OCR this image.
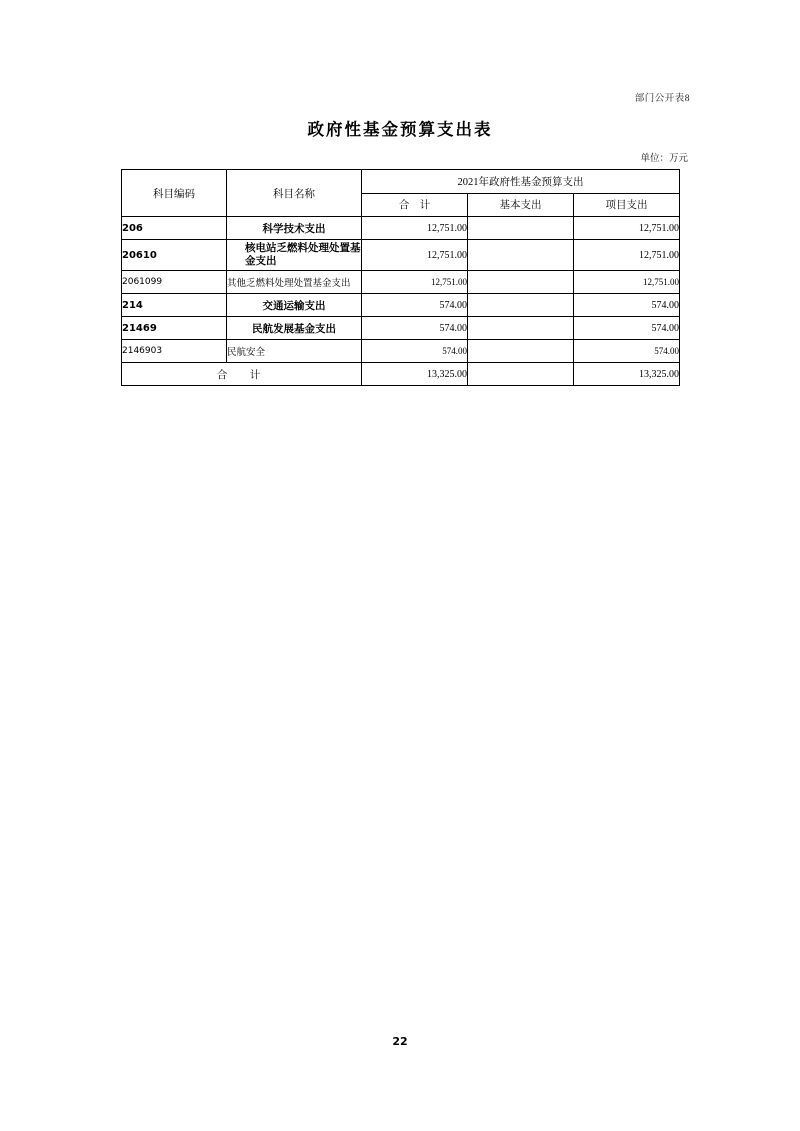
部门公开表8
政府性基金预算支出表
单位：万元
科目编码	科目名称	2021年政府性基金预算支出		
		合　计	基本支出	项目支出
206	科学技术支出	12,751.00		12,751.00
20610	核电站乏燃料处理处置基金支出	12,751.00		12,751.00
2061099	其他乏燃料处理处置基金支出	12,751.00		12,751.00
214	交通运输支出	574.00		574.00
21469	民航发展基金支出	574.00		574.00
2146903	民航安全	574.00		574.00
合　计		13,325.00		13,325.00
22
